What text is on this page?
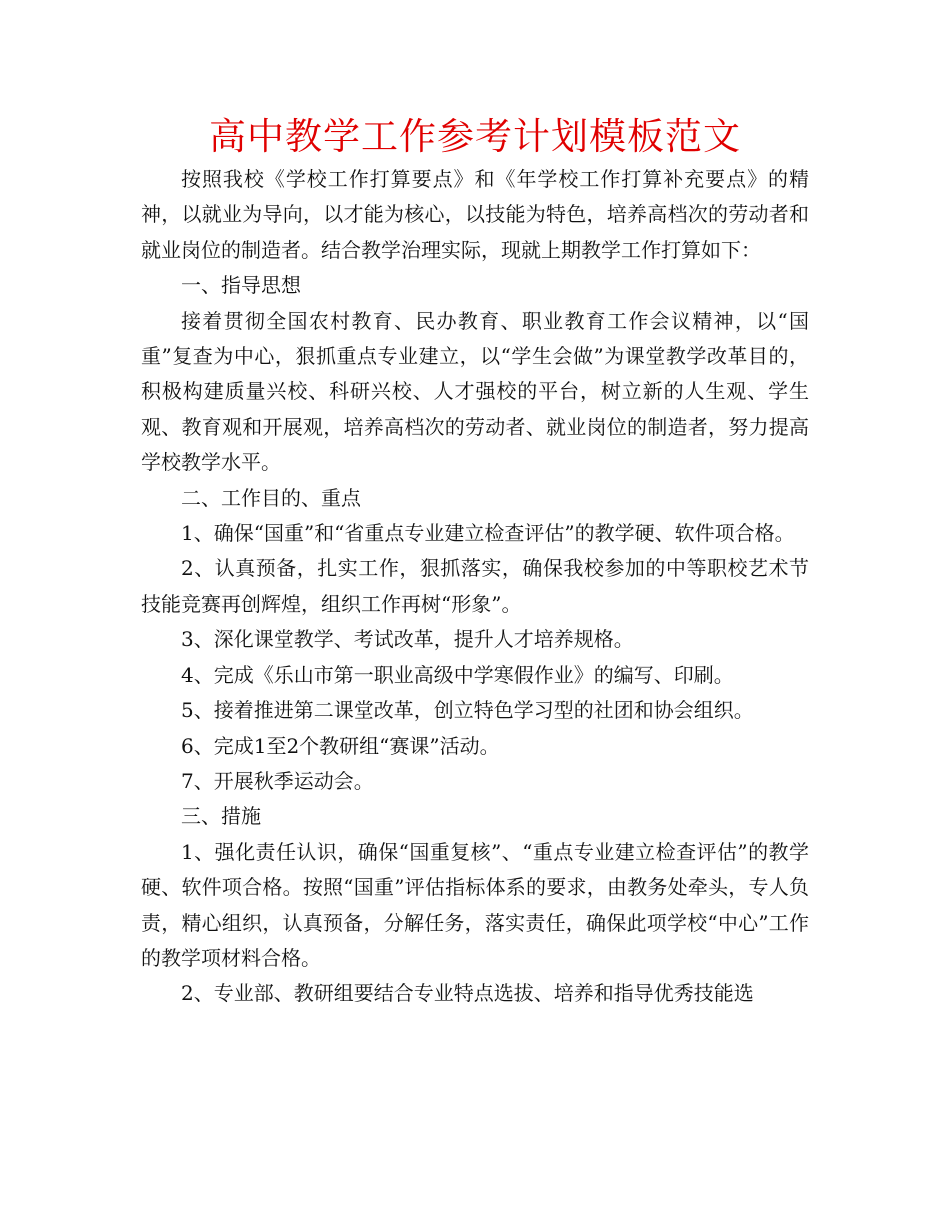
高中教学工作参考计划模板范文

按照我校《学校工作打算要点》和《年学校工作打算补充要点》的精神，以就业为导向，以才能为核心，以技能为特色，培养高档次的劳动者和就业岗位的制造者。结合教学治理实际，现就上期教学工作打算如下：

一、指导思想

接着贯彻全国农村教育、民办教育、职业教育工作会议精神，以“国重”复查为中心，狠抓重点专业建立，以“学生会做”为课堂教学改革目的，积极构建质量兴校、科研兴校、人才强校的平台，树立新的人生观、学生观、教育观和开展观，培养高档次的劳动者、就业岗位的制造者，努力提高学校教学水平。

二、工作目的、重点

1、确保“国重”和“省重点专业建立检查评估”的教学硬、软件项合格。

2、认真预备，扎实工作，狠抓落实，确保我校参加的中等职校艺术节技能竞赛再创辉煌，组织工作再树“形象”。

3、深化课堂教学、考试改革，提升人才培养规格。

4、完成《乐山市第一职业高级中学寒假作业》的编写、印刷。

5、接着推进第二课堂改革，创立特色学习型的社团和协会组织。

6、完成1至2个教研组“赛课”活动。

7、开展秋季运动会。

三、措施

1、强化责任认识，确保“国重复核”、“重点专业建立检查评估”的教学硬、软件项合格。按照“国重”评估指标体系的要求，由教务处牵头，专人负责，精心组织，认真预备，分解任务，落实责任，确保此项学校“中心”工作的教学项材料合格。

2、专业部、教研组要结合专业特点选拔、培养和指导优秀技能选
